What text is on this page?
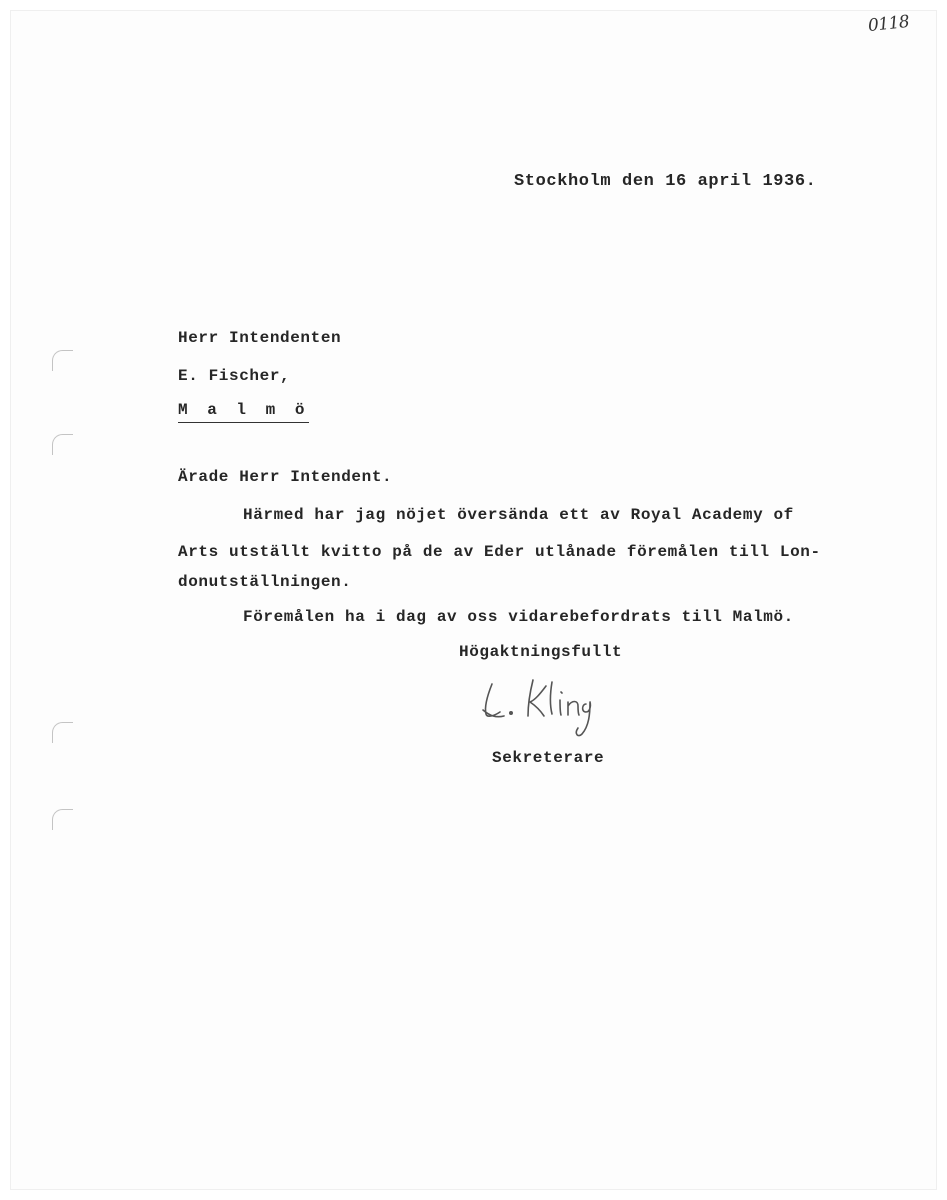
0118
Stockholm den 16 april 1936.
Herr Intendenten
E. Fischer,
M a l m ö
Ärade Herr Intendent.
Härmed har jag nöjet översända ett av Royal Academy of
Arts utställt kvitto på de av Eder utlånade föremålen till Lon-
donutställningen.
Föremålen ha i dag av oss vidarebefordrats till Malmö.
Högaktningsfullt
Sekreterare
